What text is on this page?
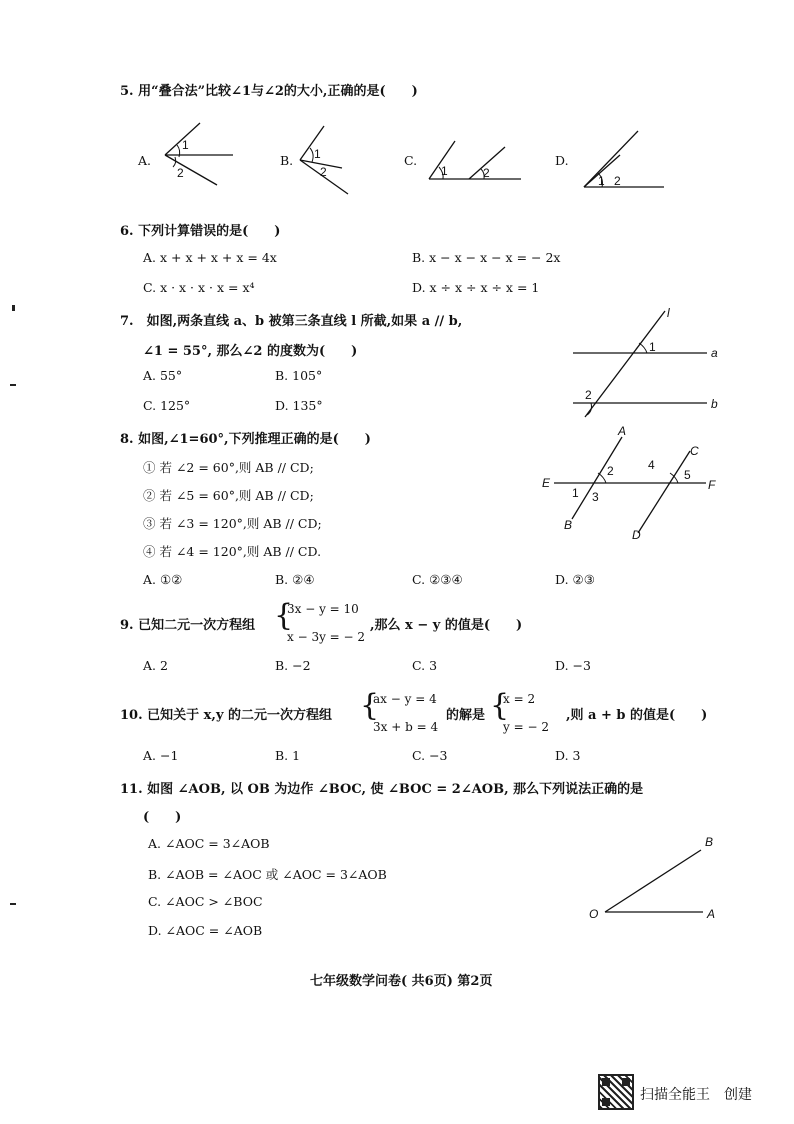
5. 用“叠合法”比较∠1与∠2的大小,正确的是(　　)
A.
1
2
B. 1
2
C.
1	2
D.
1 2
6. 下列计算错误的是(　　)
A. x + x + x + x = 4x	B. x − x − x − x = − 2x
C. x · x · x · x = x⁴	D. x ÷ x ÷ x ÷ x = 1
7.　如图,两条直线 a、b 被第三条直线 l 所截,如果 a // b,
∠1 = 55°, 那么∠2 的度数为(　　)
A. 55°	B. 105°
C. 125°	D. 135°
l
a
b
1
2
8. 如图,∠1=60°,下列推理正确的是(　　)
① 若 ∠2 = 60°,则 AB // CD;
② 若 ∠5 = 60°,则 AB // CD;
③ 若 ∠3 = 120°,则 AB // CD;
④ 若 ∠4 = 120°,则 AB // CD.
A. ①②	B. ②④	C. ②③④	D. ②③
A
B
C
D
E	F
1
2
3
4
5
9. 已知二元一次方程组 {
3x − y = 10
x − 3y = − 2
,那么 x − y 的值是(　　)
A. 2	B. −2	C. 3	D. −3
10. 已知关于 x,y 的二元一次方程组 {
ax − y = 4
3x + b = 4
的解是 {
x = 2
y = − 2
,则 a + b 的值是(　　)
A. −1	B. 1	C. −3	D. 3
11. 如图 ∠AOB, 以 OB 为边作 ∠BOC, 使 ∠BOC = 2∠AOB, 那么下列说法正确的是
(　　)
A. ∠AOC = 3∠AOB
B. ∠AOB = ∠AOC 或 ∠AOC = 3∠AOB
C. ∠AOC > ∠BOC
D. ∠AOC = ∠AOB
O	A
B
七年级数学问卷( 共6页) 第2页
扫描全能王　创建
